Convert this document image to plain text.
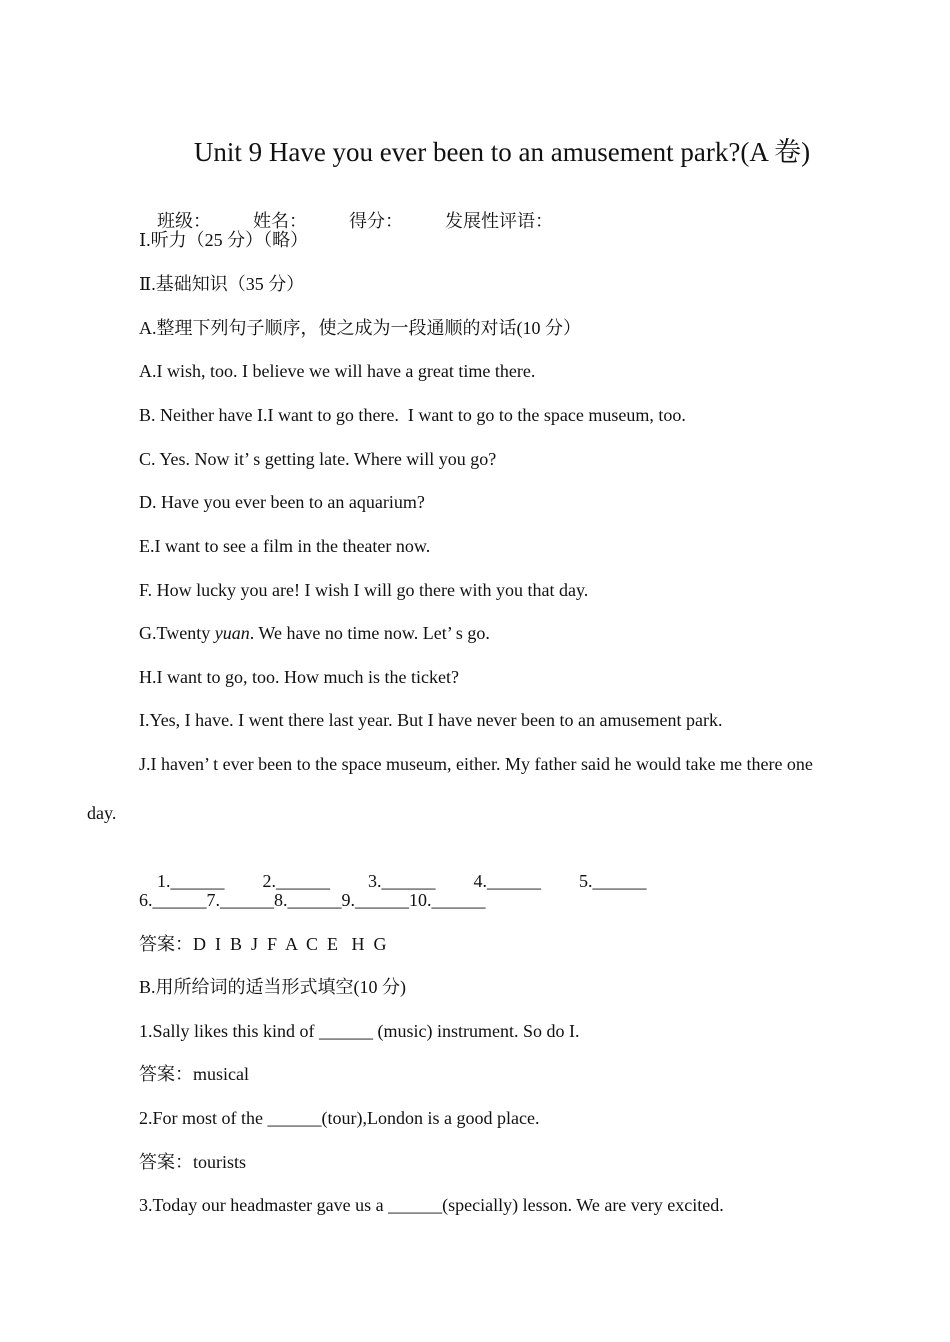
Unit 9 Have you ever been to an amusement park?(A 卷)

班级： 姓名： 得分： 发展性评语：

Ⅰ.听力（25 分）（略）
Ⅱ.基础知识（35 分）
A.整理下列句子顺序，使之成为一段通顺的对话(10 分）
A.I wish, too. I believe we will have a great time there.
B. Neither have I.I want to go there.  I want to go to the space museum, too.
C. Yes. Now it’ s getting late. Where will you go?
D. Have you ever been to an aquarium?
E.I want to see a film in the theater now.
F. How lucky you are! I wish I will go there with you that day.
G.Twenty yuan. We have no time now. Let’ s go.
H.I want to go, too. How much is the ticket?
I.Yes, I have. I went there last year. But I have never been to an amusement park.
J.I haven’ t ever been to the space museum, either. My father said he would take me there one
day.

1.______ 2.______ 3.______ 4.______ 5.______

6.______7.______8.______9.______10.______
答案：D  I  B  J  F  A  C  E   H  G
B.用所给词的适当形式填空(10 分)
1.Sally likes this kind of ______ (music) instrument. So do I.
答案：musical
2.For most of the ______(tour),London is a good place.
答案：tourists
3.Today our headmaster gave us a ______(specially) lesson. We are very excited.
